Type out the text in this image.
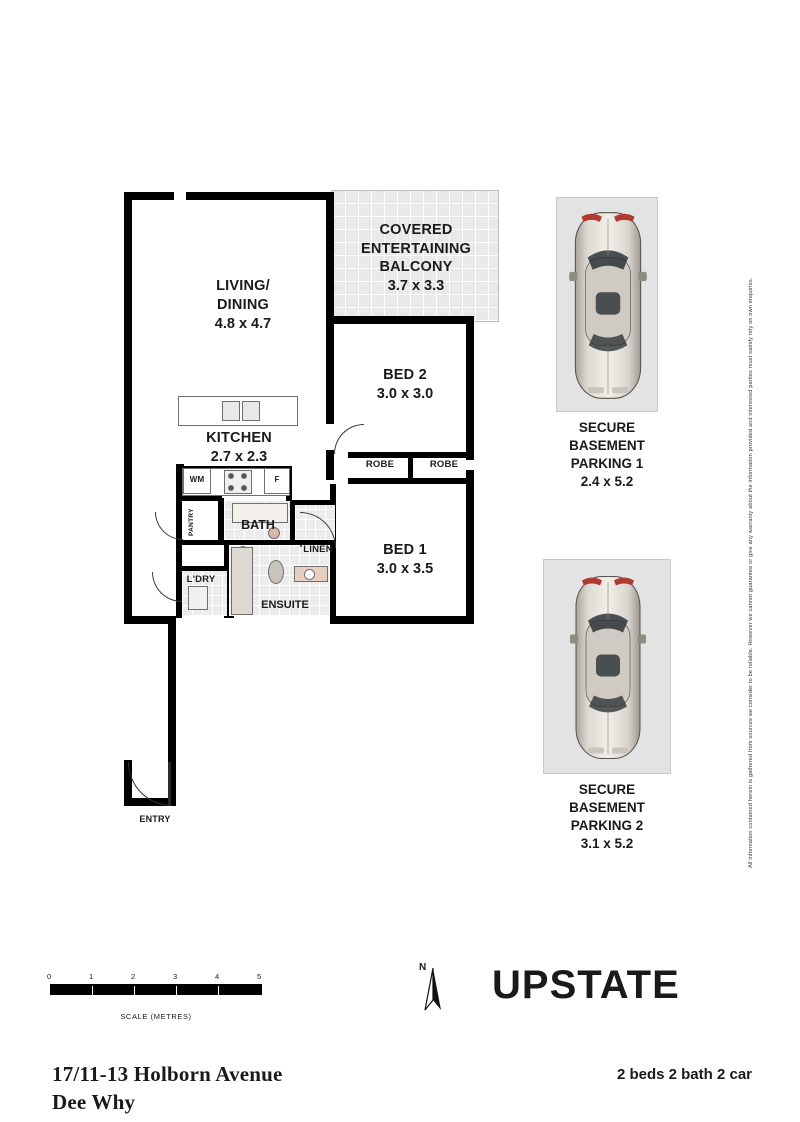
WM	F
PANTRY
LIVING/
DINING
4.8 x 4.7
COVERED
ENTERTAINING
BALCONY
3.7 x 3.3
BED 2
3.0 x 3.0
BED 1
3.0 x 3.5
KITCHEN
2.7 x 2.3
BATH
ENSUITE
ROBE	ROBE
LINEN
L'DRY
ENTRY
SECURE
BASEMENT
PARKING 1
2.4 x 5.2
SECURE
BASEMENT
PARKING 2
3.1 x 5.2	All information contained herein is gathered from sources we consider to be reliable. However we cannot guarantee or give any warranty about the information provided and interested parties must satisfy rely on own enquiries.
0	1	2	3	4	5
SCALE (METRES)
N UPSTATE
17/11-13 Holborn Avenue
Dee Why
2 beds 2 bath 2 car
